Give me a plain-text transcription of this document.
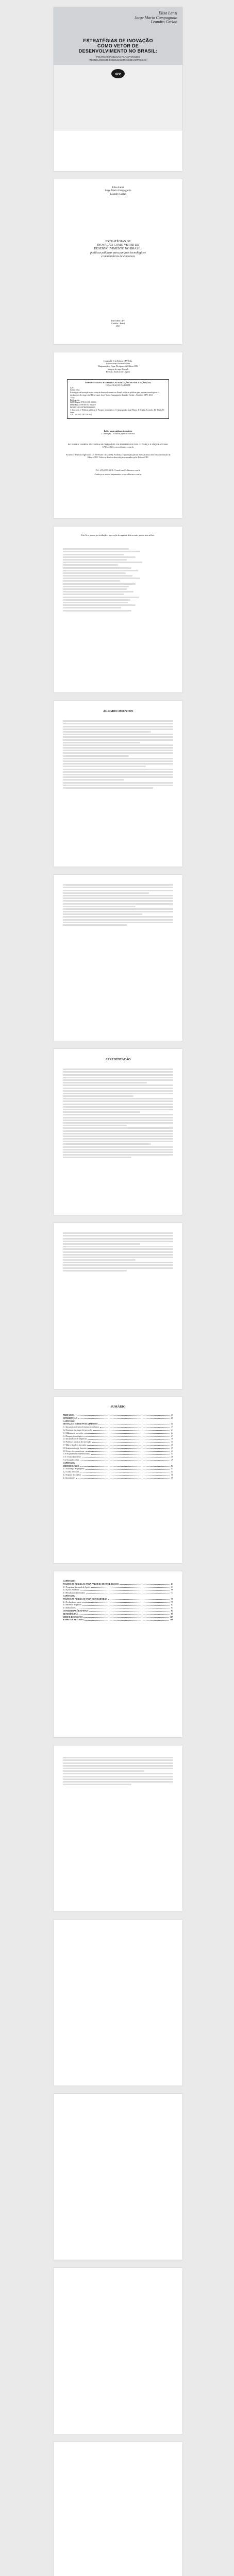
Elisa Lanzi
Jorge Mario Campagnolo
Leandro Carlan
ESTRATÉGIAS DE INOVAÇÃO
COMO VETOR DE
DESENVOLVIMENTO NO BRASIL:
POLÍTICAS PÚBLICAS PARA PARQUES
TECNOLÓGICOS E INCUBADORAS DE EMPRESAS
crv
Elisa Lanzi
Jorge Mario Campagnolo
Leandro Carlan
ESTRATÉGIAS DE
INOVAÇÃO COMO VETOR DE
DESENVOLVIMENTO NO BRASIL:
políticas públicas para parques tecnológicos
e incubadoras de empresas
EDITORA CRV
Curitiba - Brasil
2021
Copyright © da Editora CRV Ltda.
Editor-chefe: Railson Moura
Diagramação e Capa: Designers da Editora CRV
Imagem de capa: Freepik
Revisão: Analista de Línguas
DADOS INTERNACIONAIS DE CATALOGAÇÃO NA PUBLICAÇÃO (CIP)
CATALOGAÇÃO NA FONTE
L297
Lanzi, Elisa.
Estratégias de inovação como vetor de desenvolvimento no Brasil: políticas públicas para parques tecnológicos e incubadoras de empresas / Elisa Lanzi, Jorge Mario Campagnolo, Leandro Carlan – Curitiba : CRV, 2021.
112 p.
Bibliografia
ISBN Digital 978-65-251-0000-0
ISBN Físico 978-65-251-0000-0
DOI 10.24824/978652510000.0
1. Inovação 2. Políticas públicas 3. Parques tecnológicos I. Campagnolo, Jorge Mario. II. Carlan, Leandro. III. Título IV. Série.
CDU 001.89 CDD 338.064
Índice para catálogo sistemático
1. Inovação – Políticas públicas 338.064
ESTA OBRA TAMBÉM ENCONTRA-SE DISPONÍVEL EM FORMATO DIGITAL. CONHEÇA E ADQUIRA NOSSO CATÁLOGO: www.editoracrv.com.br
Foi feito o depósito legal conf. Lei 10.994 de 14/12/2004. Proibida a reprodução parcial ou total desta obra sem autorização da Editora CRV. Todos os direitos desta edição reservados pela: Editora CRV
Tel.: (41) 3039-6418 - E-mail: sac@editoracrv.com.br
Conheça os nossos lançamentos: www.editoracrv.com.br
Este livro passou por avaliação e aprovação às cegas de dois ou mais pareceristas ad hoc.
AGRADECIMENTOS
APRESENTAÇÃO
SUMÁRIO
PREFÁCIO	11
INTRODUÇÃO	13
CAPÍTULO 1
INOVAÇÃO E DESENVOLVIMENTO	17
1.1 Inovação e desenvolvimento econômico	17
1.2 Sistemas nacionais de inovação	21
1.3 Hábitats de inovação	24
1.4 Parques tecnológicos	27
1.5 Incubadoras de empresas	30
1.6 Políticas públicas de inovação	33
1.7 Marco legal da inovação	36
1.8 Instrumentos de fomento	39
1.9 Atores do ecossistema	41
1.10 Experiências internacionais	43
1.11 O caso brasileiro	46
1.12 Considerações	49
CAPÍTULO 2
METODOLOGIA	51
2.1 Estratégia de pesquisa	51
2.2 Coleta de dados	54
2.3 Análise dos dados	56
2.4 Limitações	58
CAPÍTULO 3
POLÍTICAS PÚBLICAS PARA PARQUES TECNOLÓGICOS	61
3.1 Programa Nacional de Apoio	61
3.2 Ações estaduais	66
3.3 Resultados observados	71
CAPÍTULO 4
POLÍTICAS PÚBLICAS PARA INCUBADORAS	77
4.1 Evolução do apoio	77
4.2 Modelos de gestão	82
4.3 Indicadores	87
CONSIDERAÇÕES FINAIS	93
REFERÊNCIAS	97
ÍNDICE REMISSIVO	107
SOBRE OS AUTORES	109
